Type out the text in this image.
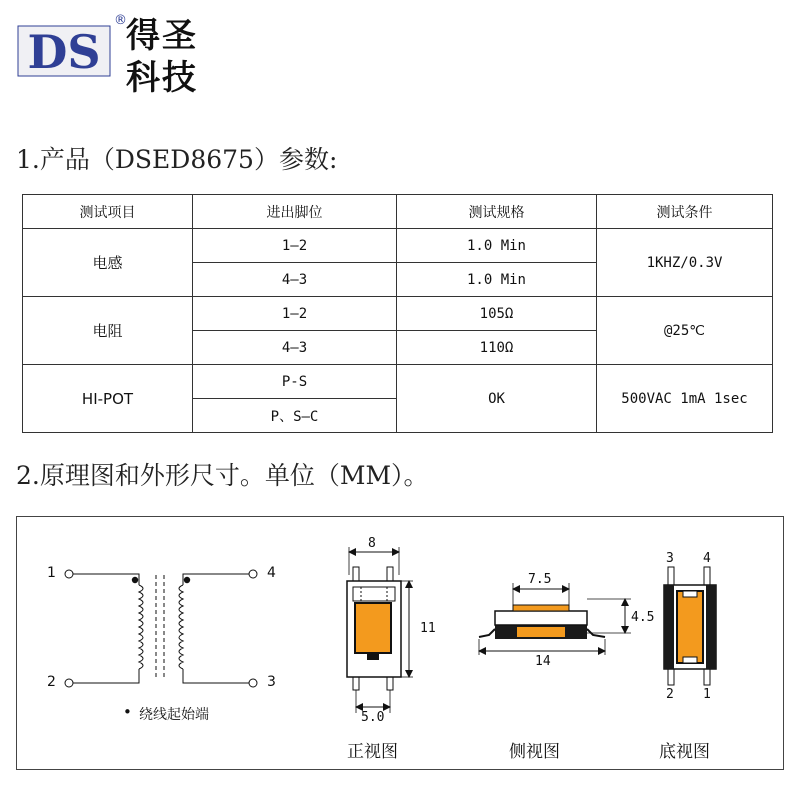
DS
® 得圣
科技
1.产品（DSED8675）参数:
测试项目	进出脚位	测试规格	测试条件
电感	1—2	1.0 Min	1KHZ/0.3V
	4—3	1.0 Min	
电阻	1—2	105Ω	@25℃
	4—3	110Ω	
HI-POT	P-S	OK	500VAC 1mA 1sec
	P、S—C		
2.原理图和外形尺寸。单位（MM）。
1
2
4
3
• 绕线起始端
8
11
5.0
正视图
7.5
4.5
14
侧视图
3 4
2 1
底视图
